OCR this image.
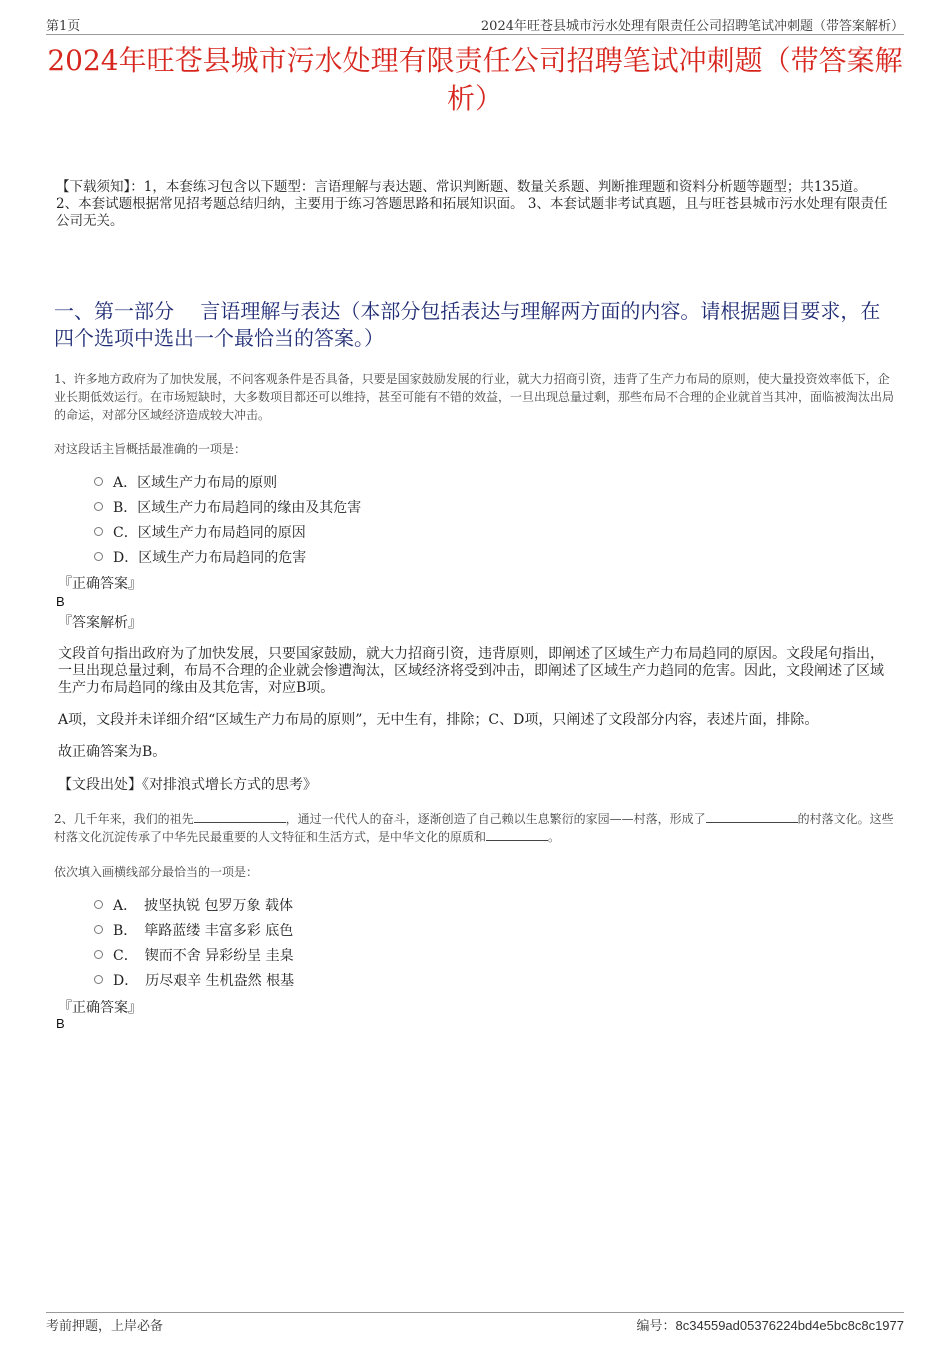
第1页	2024年旺苍县城市污水处理有限责任公司招聘笔试冲刺题（带答案解析）
2024年旺苍县城市污水处理有限责任公司招聘笔试冲刺题（带答案解析）
【下载须知】：1，本套练习包含以下题型：言语理解与表达题、常识判断题、数量关系题、判断推理题和资料分析题等题型；共135道。 2、本套试题根据常见招考题总结归纳，主要用于练习答题思路和拓展知识面。 3、本套试题非考试真题，且与旺苍县城市污水处理有限责任公司无关。
一、第一部分　 言语理解与表达（本部分包括表达与理解两方面的内容。请根据题目要求，在四个选项中选出一个最恰当的答案。）
1、许多地方政府为了加快发展，不问客观条件是否具备，只要是国家鼓励发展的行业，就大力招商引资，违背了生产力布局的原则，使大量投资效率低下，企业长期低效运行。在市场短缺时，大多数项目都还可以维持，甚至可能有不错的效益，一旦出现总量过剩，那些布局不合理的企业就首当其冲，面临被淘汰出局的命运，对部分区域经济造成较大冲击。
对这段话主旨概括最准确的一项是：
A．区域生产力布局的原则
B．区域生产力布局趋同的缘由及其危害
C．区域生产力布局趋同的原因
D．区域生产力布局趋同的危害
『正确答案』
B
『答案解析』
文段首句指出政府为了加快发展，只要国家鼓励，就大力招商引资，违背原则，即阐述了区域生产力布局趋同的原因。文段尾句指出，一旦出现总量过剩，布局不合理的企业就会惨遭淘汰，区域经济将受到冲击，即阐述了区域生产力趋同的危害。因此，文段阐述了区域生产力布局趋同的缘由及其危害，对应B项。
A项，文段并未详细介绍“区域生产力布局的原则”，无中生有，排除；C、D项，只阐述了文段部分内容，表述片面，排除。
故正确答案为B。
【文段出处】《对排浪式增长方式的思考》
2、几千年来，我们的祖先	，通过一代代人的奋斗，逐渐创造了自己赖以生息繁衍的家园——村落，形成了	的村落文化。这些村落文化沉淀传承了中华先民最重要的人文特征和生活方式，是中华文化的原质和	。
依次填入画横线部分最恰当的一项是：
A．　披坚执锐 包罗万象 载体
B．　筚路蓝缕 丰富多彩 底色
C．　锲而不舍 异彩纷呈 圭臬
D．　历尽艰辛 生机盎然 根基
『正确答案』
B
考前押题，上岸必备	编号：8c34559ad05376224bd4e5bc8c8c1977
